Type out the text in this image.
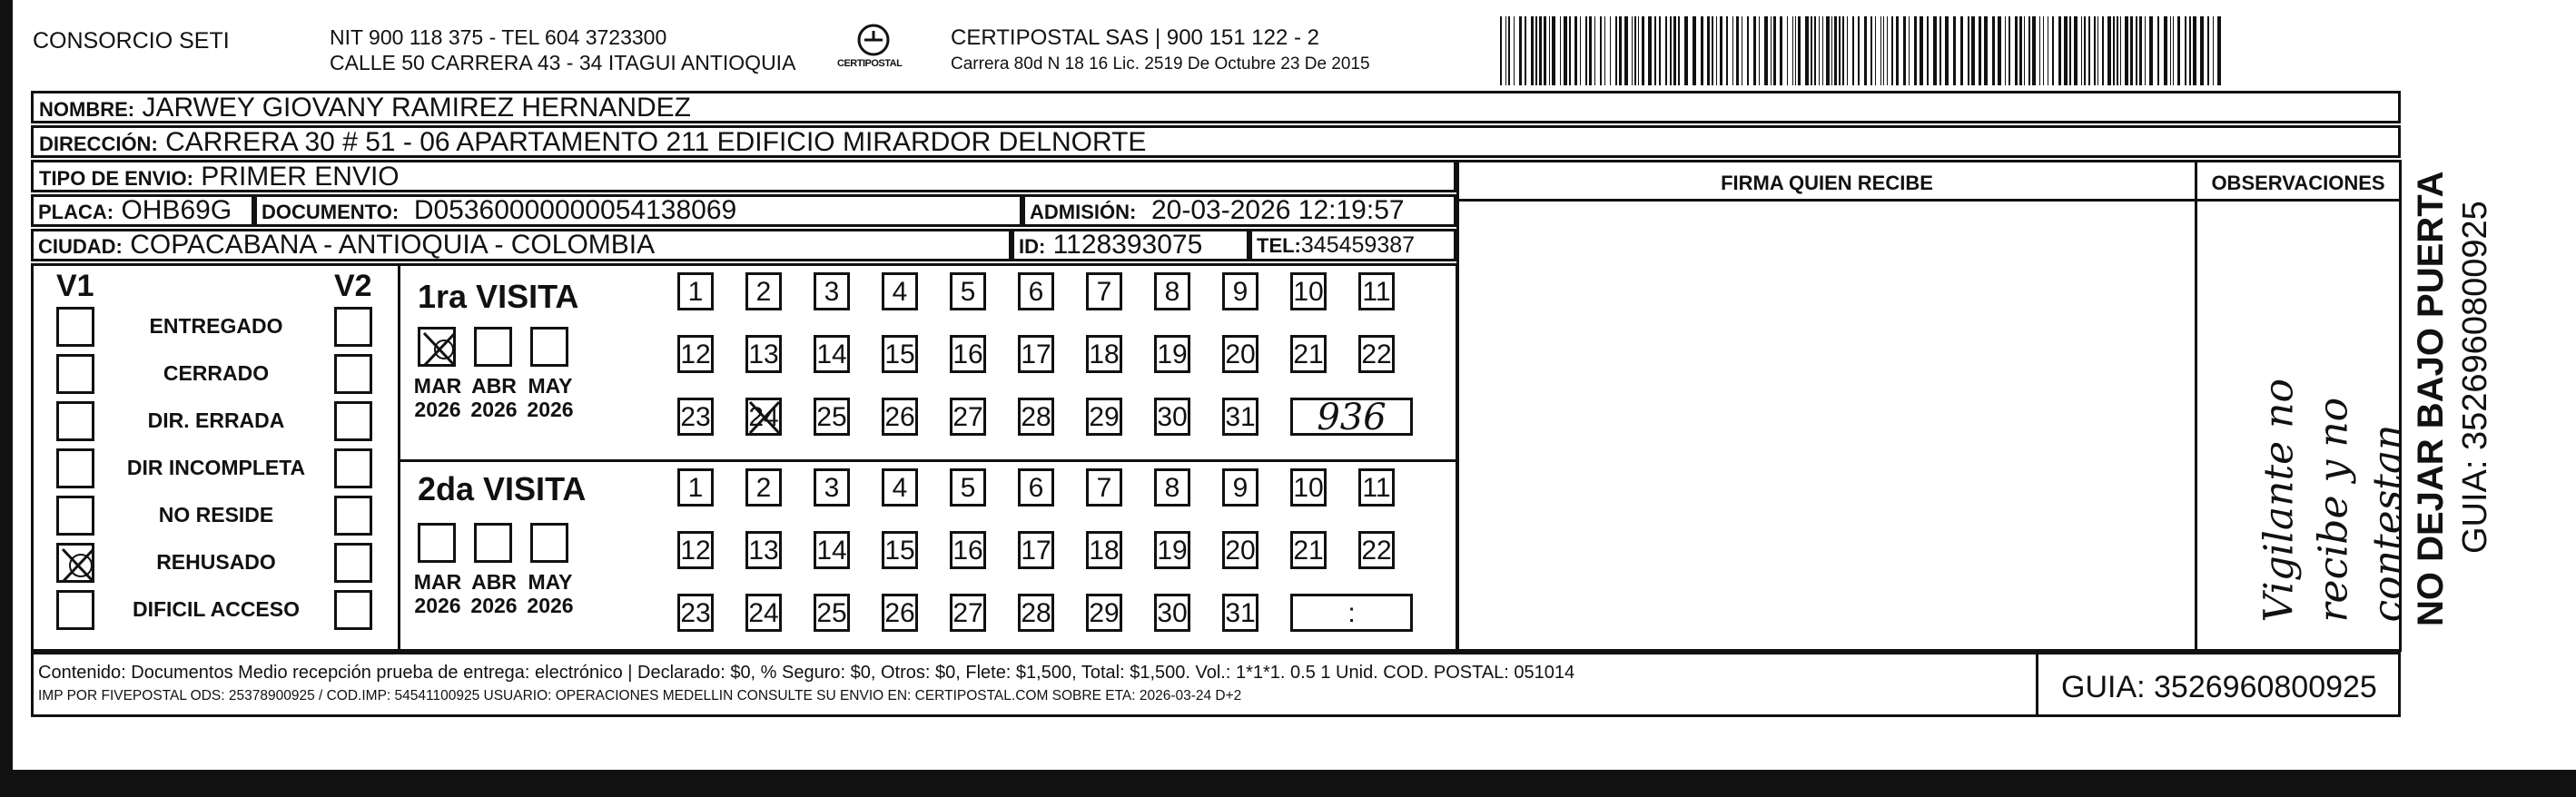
CONSORCIO SETI	NIT 900 118 375 - TEL 604 3723300
CALLE 50 CARRERA 43 - 34 ITAGUI ANTIOQUIA	CERTIPOSTAL
CERTIPOSTAL SAS | 900 151 122 - 2
Carrera 80d N 18 16 Lic. 2519 De Octubre 23 De 2015
NOMBRE: JARWEY GIOVANY RAMIREZ HERNANDEZ
DIRECCIÓN: CARRERA 30 # 51 - 06 APARTAMENTO 211 EDIFICIO MIRARDOR DELNORTE
TIPO DE ENVIO: PRIMER ENVIO
PLACA: OHB69G	DOCUMENTO: D05360000000054138069	ADMISIÓN: 20-03-2026 12:19:57
CIUDAD: COPACABANA - ANTIOQUIA - COLOMBIA	ID: 1128393075	TEL:345459387
FIRMA QUIEN RECIBE	OBSERVACIONES
Vigilante no recibe y no contestan
V1	V2
ENTREGADO
CERRADO
DIR. ERRADA
DIR INCOMPLETA
NO RESIDE
REHUSADO
DIFICIL ACCESO
1ra VISITA
2da VISITA
MAR
2026
ABR
2026
MAY
2026
1	2	3	4	5	6	7	8	9	10 11
12 13 14 15 16 17 18 19 20 21 22
23 24 25 26 27 28 29 30 31	936
MAR
2026
ABR
2026
MAY
2026
1	2	3	4	5	6	7	8	9	10 11
12 13 14 15 16 17 18 19 20 21 22
23 24 25 26 27 28 29 30 31	:
Contenido: Documentos Medio recepción prueba de entrega: electrónico | Declarado: $0, % Seguro: $0, Otros: $0, Flete: $1,500, Total: $1,500. Vol.: 1*1*1. 0.5 1 Unid. COD. POSTAL: 051014
IMP POR FIVEPOSTAL ODS: 25378900925 / COD.IMP: 54541100925 USUARIO: OPERACIONES MEDELLIN CONSULTE SU ENVIO EN: CERTIPOSTAL.COM SOBRE ETA: 2026-03-24 D+2	GUIA: 3526960800925
NO DEJAR BAJO PUERTA GUIA: 3526960800925
